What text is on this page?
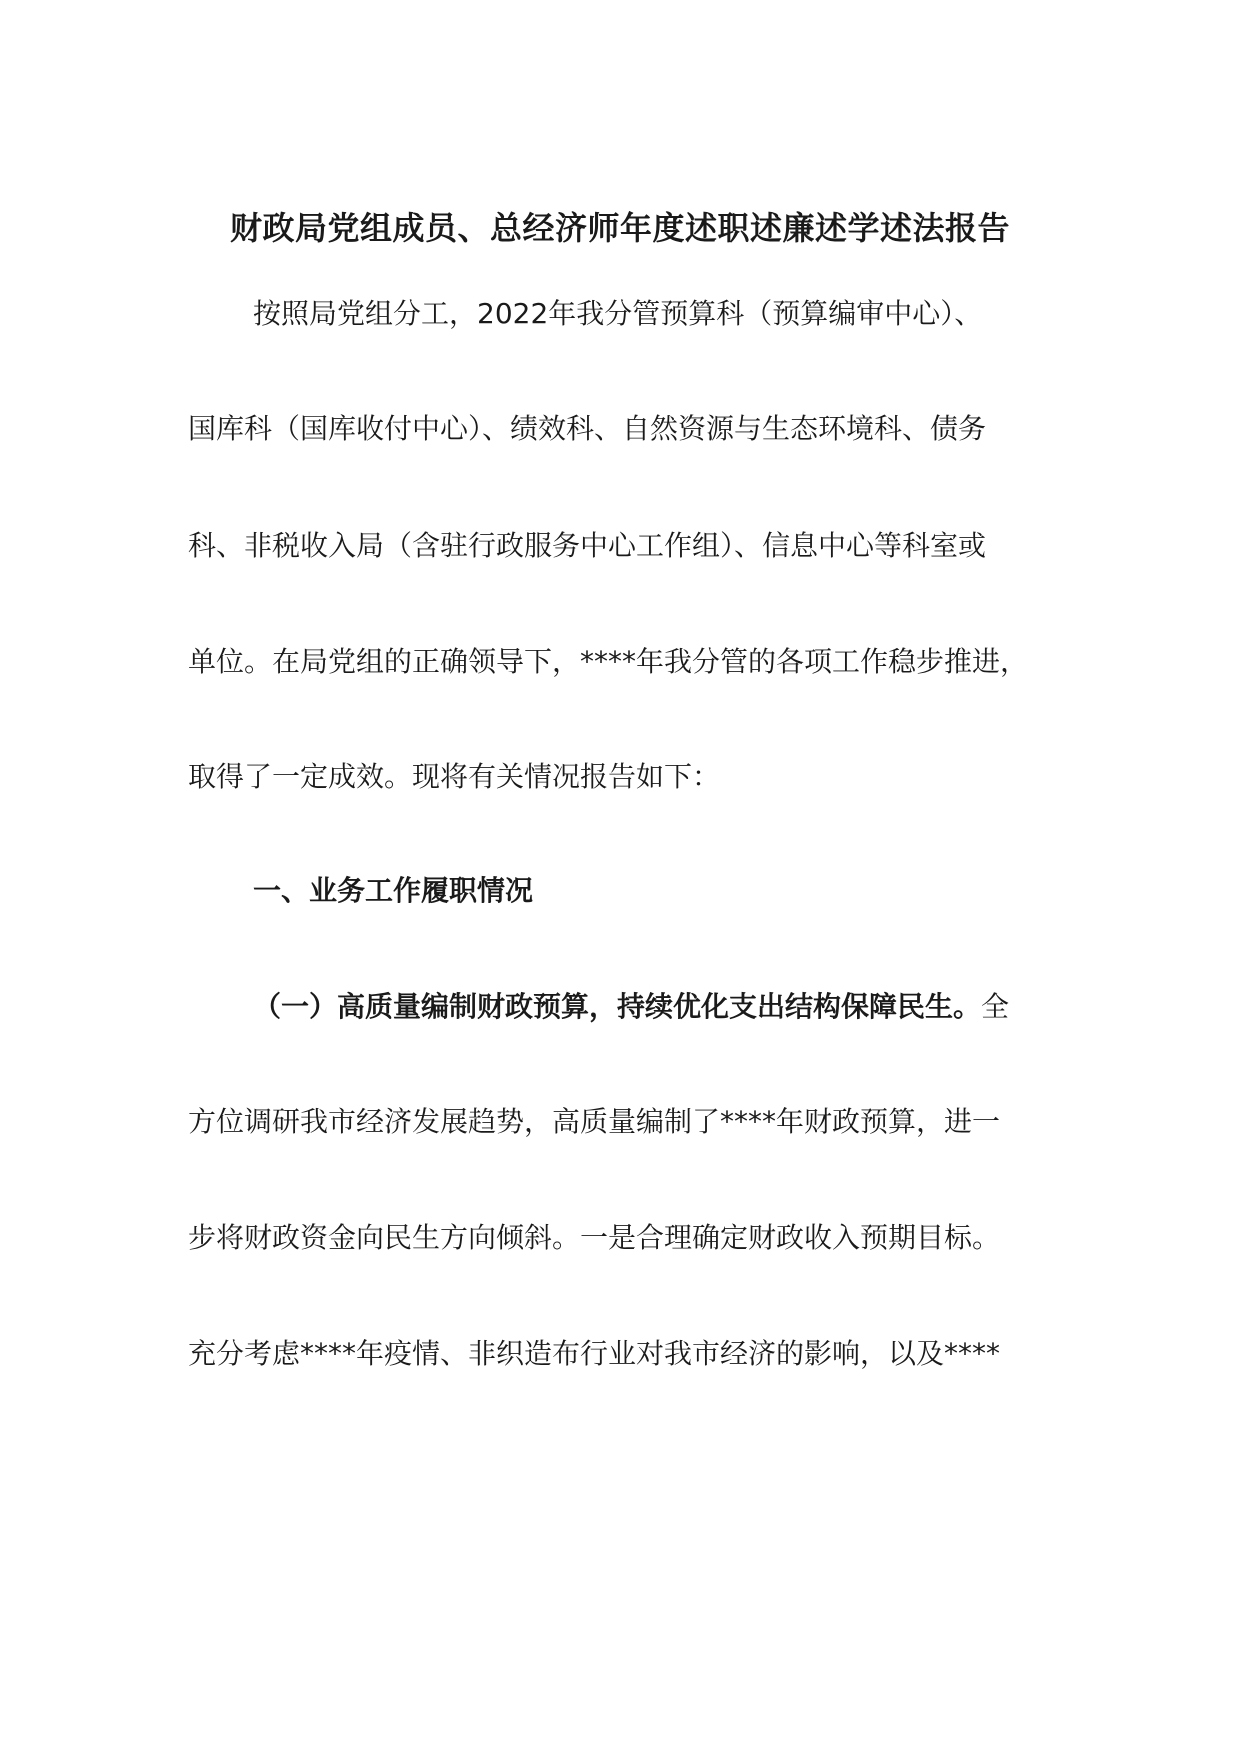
财政局党组成员、总经济师年度述职述廉述学述法报告
按照局党组分工，2022年我分管预算科（预算编审中心）、
国库科（国库收付中心）、绩效科、自然资源与生态环境科、债务
科、非税收入局（含驻行政服务中心工作组）、信息中心等科室或
单位。在局党组的正确领导下，****年我分管的各项工作稳步推进，
取得了一定成效。现将有关情况报告如下：
一、业务工作履职情况
（一）高质量编制财政预算，持续优化支出结构保障民生。全
方位调研我市经济发展趋势，高质量编制了****年财政预算，进一
步将财政资金向民生方向倾斜。一是合理确定财政收入预期目标。
充分考虑****年疫情、非织造布行业对我市经济的影响，以及****
